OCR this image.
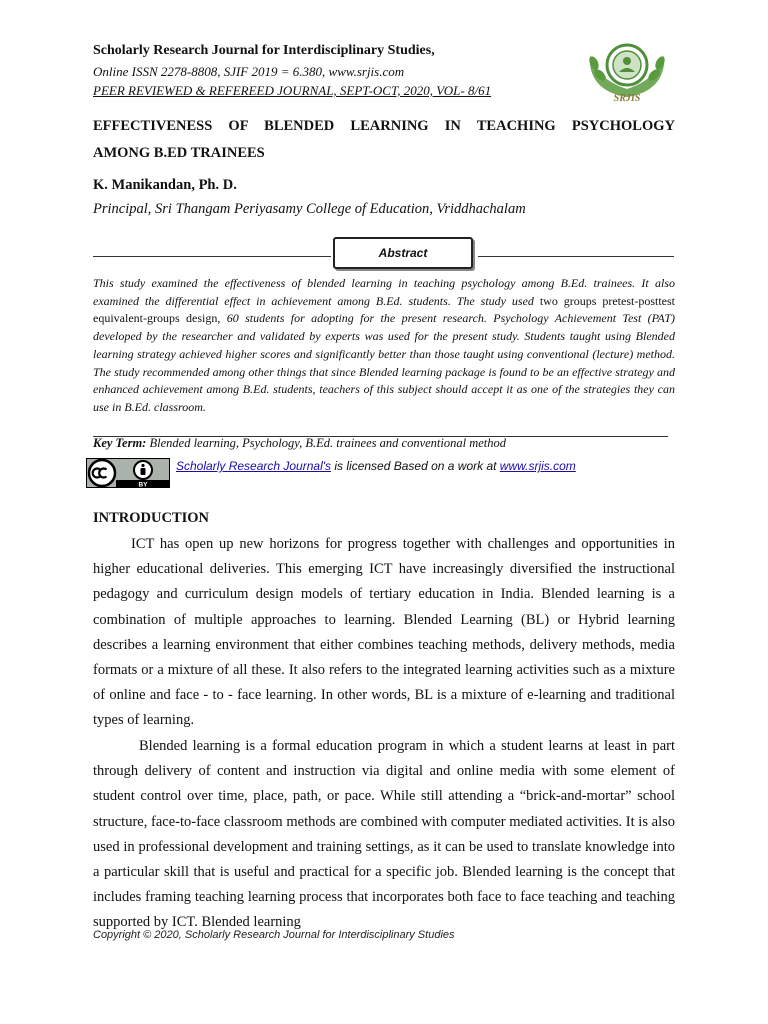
Scholarly Research Journal for Interdisciplinary Studies,
Online ISSN 2278-8808, SJIF 2019 = 6.380, www.srjis.com
PEER REVIEWED & REFEREED JOURNAL, SEPT-OCT, 2020, VOL- 8/61
SRJIS
EFFECTIVENESS OF BLENDED LEARNING IN TEACHING PSYCHOLOGY
AMONG B.ED TRAINEES
K. Manikandan, Ph. D.
Principal, Sri Thangam Periyasamy College of Education, Vriddhachalam
Abstract
This study examined the effectiveness of blended learning in teaching psychology among B.Ed. trainees. It also examined the differential effect in achievement among B.Ed. students. The study used two groups pretest-posttest equivalent-groups design, 60 students for adopting for the present research. Psychology Achievement Test (PAT) developed by the researcher and validated by experts was used for the present study. Students taught using Blended learning strategy achieved higher scores and significantly better than those taught using conventional (lecture) method. The study recommended among other things that since Blended learning package is found to be an effective strategy and enhanced achievement among B.Ed. students, teachers of this subject should accept it as one of the strategies they can use in B.Ed. classroom.
Key Term: Blended learning, Psychology, B.Ed. trainees and conventional method
BY
Scholarly Research Journal's is licensed Based on a work at www.srjis.com
INTRODUCTION
ICT has open up new horizons for progress together with challenges and opportunities in higher educational deliveries. This emerging ICT have increasingly diversified the instructional pedagogy and curriculum design models of tertiary education in India. Blended learning is a combination of multiple approaches to learning. Blended Learning (BL) or Hybrid learning describes a learning environment that either combines teaching methods, delivery methods, media formats or a mixture of all these. It also refers to the integrated learning activities such as a mixture of online and face - to - face learning. In other words, BL is a mixture of e-learning and traditional types of learning.
Blended learning is a formal education program in which a student learns at least in part through delivery of content and instruction via digital and online media with some element of student control over time, place, path, or pace. While still attending a “brick-and-mortar” school structure, face-to-face classroom methods are combined with computer mediated activities. It is also used in professional development and training settings, as it can be used to translate knowledge into a particular skill that is useful and practical for a specific job. Blended learning is the concept that includes framing teaching learning process that incorporates both face to face teaching and teaching supported by ICT. Blended learning
Copyright © 2020, Scholarly Research Journal for Interdisciplinary Studies
